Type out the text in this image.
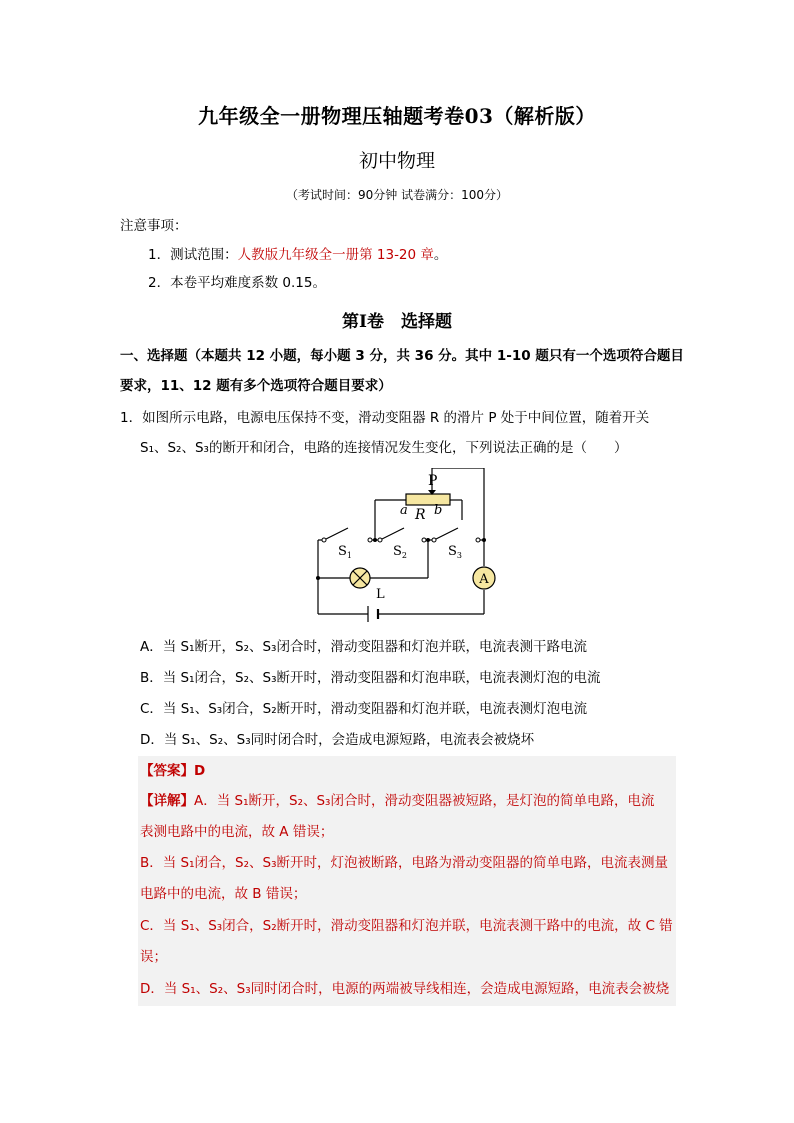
九年级全一册物理压轴题考卷03（解析版）
初中物理
（考试时间：90分钟 试卷满分：100分）
注意事项：
1．测试范围：人教版九年级全一册第 13-20 章。
2．本卷平均难度系数 0.15。
第Ⅰ卷　选择题
一、选择题（本题共 12 小题，每小题 3 分，共 36 分。其中 1-10 题只有一个选项符合题目
要求，11、12 题有多个选项符合题目要求）
1．如图所示电路，电源电压保持不变，滑动变阻器 R 的滑片 P 处于中间位置，随着开关
S₁、S₂、S₃的断开和闭合，电路的连接情况发生变化，下列说法正确的是（　　）
A
P
a R b
$S_1$	$S_2$	$S_3$
L
A．当 S₁断开，S₂、S₃闭合时，滑动变阻器和灯泡并联，电流表测干路电流
B．当 S₁闭合，S₂、S₃断开时，滑动变阻器和灯泡串联，电流表测灯泡的电流
C．当 S₁、S₃闭合，S₂断开时，滑动变阻器和灯泡并联，电流表测灯泡电流
D．当 S₁、S₂、S₃同时闭合时，会造成电源短路，电流表会被烧坏
【答案】D
【详解】A．当 S₁断开，S₂、S₃闭合时，滑动变阻器被短路，是灯泡的简单电路，电流
表测电路中的电流，故 A 错误；
B．当 S₁闭合，S₂、S₃断开时，灯泡被断路，电路为滑动变阻器的简单电路，电流表测量
电路中的电流，故 B 错误；
C．当 S₁、S₃闭合，S₂断开时，滑动变阻器和灯泡并联，电流表测干路中的电流，故 C 错
误；
D．当 S₁、S₂、S₃同时闭合时，电源的两端被导线相连，会造成电源短路，电流表会被烧
